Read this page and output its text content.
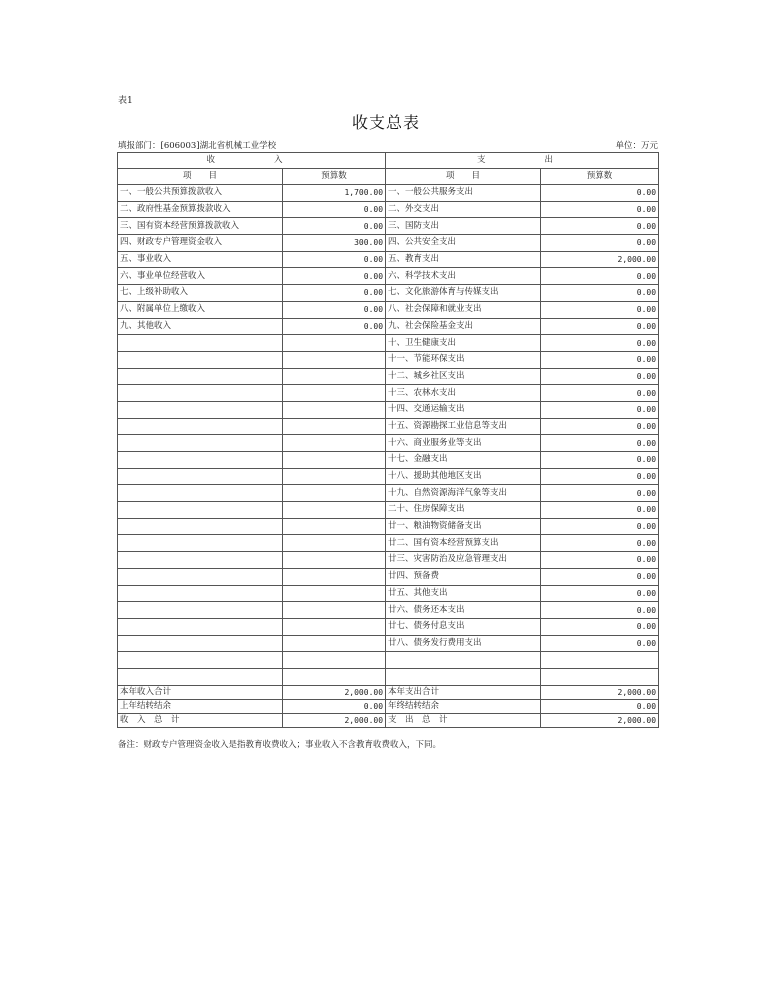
表1
收支总表
填报部门：[606003]湖北省机械工业学校	单位：万元
收　　入		支　　出	
项　　目	预算数	项　　目	预算数
一、一般公共预算拨款收入	1,700.00	一、一般公共服务支出	0.00
二、政府性基金预算拨款收入	0.00	二、外交支出	0.00
三、国有资本经营预算拨款收入	0.00	三、国防支出	0.00
四、财政专户管理资金收入	300.00	四、公共安全支出	0.00
五、事业收入	0.00	五、教育支出	2,000.00
六、事业单位经营收入	0.00	六、科学技术支出	0.00
七、上级补助收入	0.00	七、文化旅游体育与传媒支出	0.00
八、附属单位上缴收入	0.00	八、社会保障和就业支出	0.00
九、其他收入	0.00	九、社会保险基金支出	0.00
		十、卫生健康支出	0.00
		十一、节能环保支出	0.00
		十二、城乡社区支出	0.00
		十三、农林水支出	0.00
		十四、交通运输支出	0.00
		十五、资源勘探工业信息等支出	0.00
		十六、商业服务业等支出	0.00
		十七、金融支出	0.00
		十八、援助其他地区支出	0.00
		十九、自然资源海洋气象等支出	0.00
		二十、住房保障支出	0.00
		廿一、粮油物资储备支出	0.00
		廿二、国有资本经营预算支出	0.00
		廿三、灾害防治及应急管理支出	0.00
		廿四、预备费	0.00
		廿五、其他支出	0.00
		廿六、债务还本支出	0.00
		廿七、债务付息支出	0.00
		廿八、债务发行费用支出	0.00

本年收入合计	2,000.00	本年支出合计	2,000.00
上年结转结余	0.00	年终结转结余	0.00
收　入　总　计	2,000.00	支　出　总　计	2,000.00
备注：财政专户管理资金收入是指教育收费收入；事业收入不含教育收费收入，下同。
